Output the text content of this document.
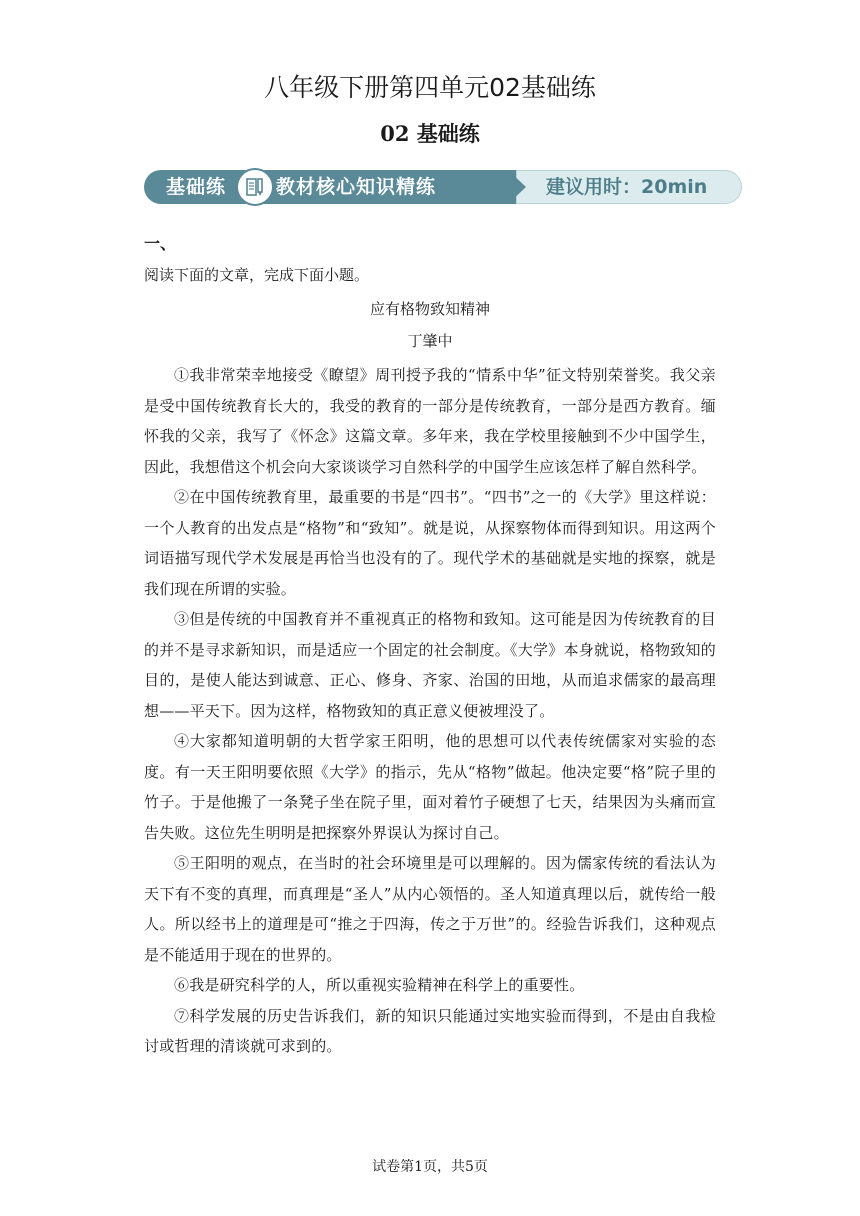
八年级下册第四单元02基础练
02 基础练
基础练	教材核心知识精练	建议用时：20min
一、
阅读下面的文章，完成下面小题。
应有格物致知精神
丁肇中

①我非常荣幸地接受《瞭望》周刊授予我的“情系中华”征文特别荣誉奖。我父亲是受中国传统教育长大的，我受的教育的一部分是传统教育，一部分是西方教育。缅怀我的父亲，我写了《怀念》这篇文章。多年来，我在学校里接触到不少中国学生，因此，我想借这个机会向大家谈谈学习自然科学的中国学生应该怎样了解自然科学。

②在中国传统教育里，最重要的书是“四书”。“四书”之一的《大学》里这样说：一个人教育的出发点是“格物”和“致知”。就是说，从探察物体而得到知识。用这两个词语描写现代学术发展是再恰当也没有的了。现代学术的基础就是实地的探察，就是我们现在所谓的实验。

③但是传统的中国教育并不重视真正的格物和致知。这可能是因为传统教育的目的并不是寻求新知识，而是适应一个固定的社会制度。《大学》本身就说，格物致知的目的，是使人能达到诚意、正心、修身、齐家、治国的田地，从而追求儒家的最高理想——平天下。因为这样，格物致知的真正意义便被埋没了。

④大家都知道明朝的大哲学家王阳明，他的思想可以代表传统儒家对实验的态度。有一天王阳明要依照《大学》的指示，先从“格物”做起。他决定要“格”院子里的竹子。于是他搬了一条凳子坐在院子里，面对着竹子硬想了七天，结果因为头痛而宣告失败。这位先生明明是把探察外界误认为探讨自己。

⑤王阳明的观点，在当时的社会环境里是可以理解的。因为儒家传统的看法认为天下有不变的真理，而真理是“圣人”从内心领悟的。圣人知道真理以后，就传给一般人。所以经书上的道理是可“推之于四海，传之于万世”的。经验告诉我们，这种观点是不能适用于现在的世界的。

⑥我是研究科学的人，所以重视实验精神在科学上的重要性。

⑦科学发展的历史告诉我们，新的知识只能通过实地实验而得到，不是由自我检讨或哲理的清谈就可求到的。

试卷第1页，共5页
